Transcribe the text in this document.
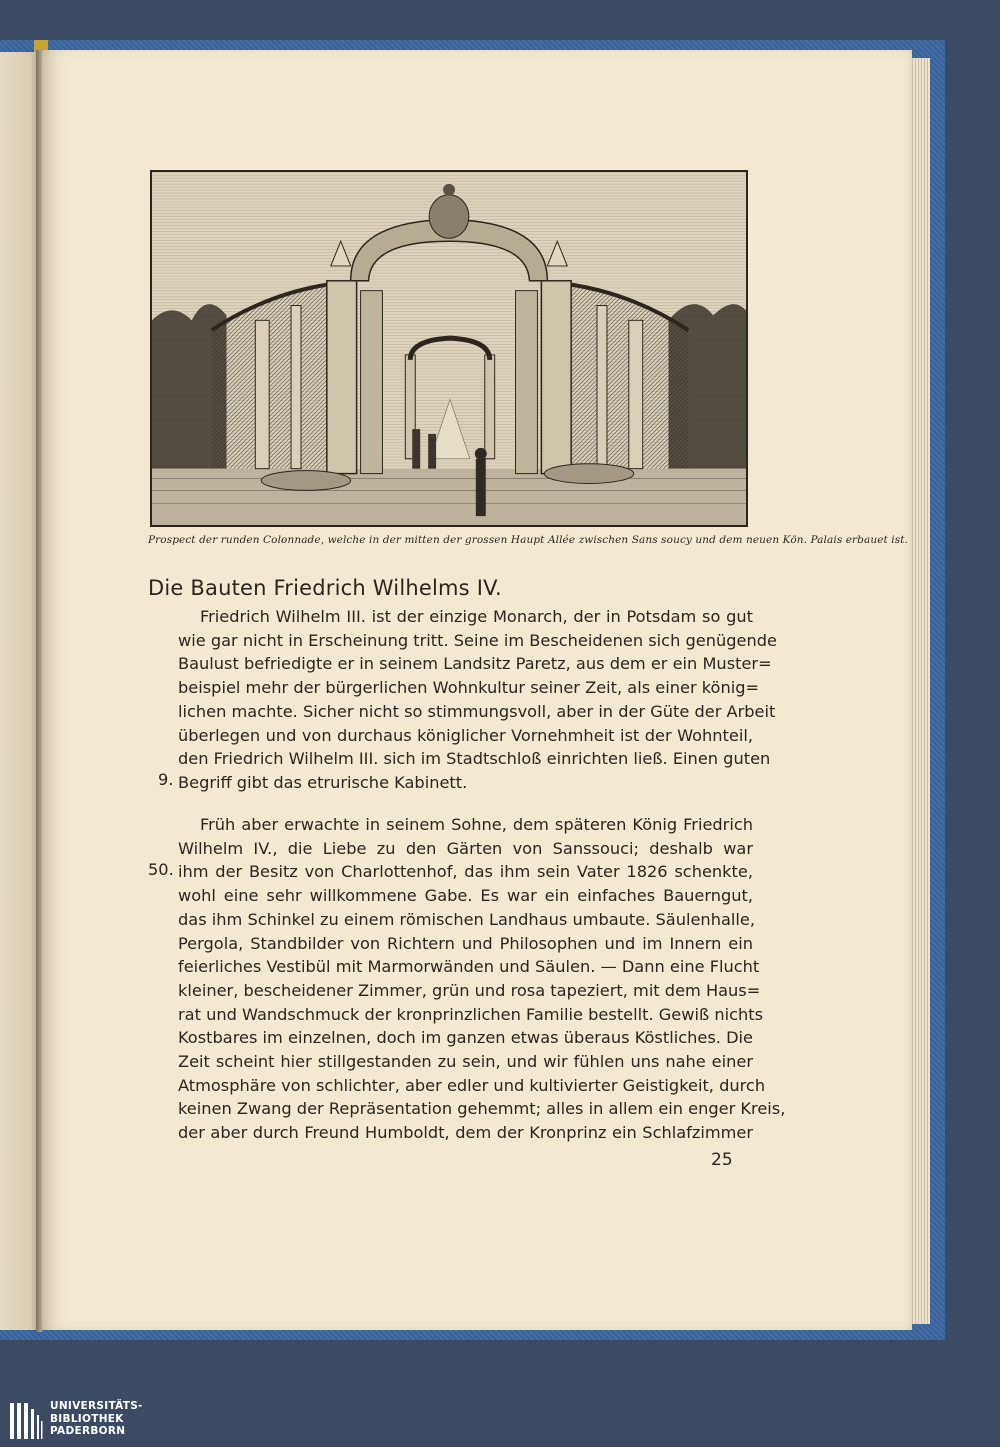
Prospect der runden Colonnade, welche in der mitten der grossen Haupt Allée zwischen Sans soucy und dem neuen Kön. Palais erbauet ist.
Die Bauten Friedrich Wilhelms IV.

Friedrich Wilhelm III. ist der einzige Monarch, der in Potsdam so gut
wie gar nicht in Erscheinung tritt. Seine im Bescheidenen sich genügende
Baulust befriedigte er in seinem Landsitz Paretz, aus dem er ein Muster=
beispiel mehr der bürgerlichen Wohnkultur seiner Zeit, als einer könig=
lichen machte. Sicher nicht so stimmungsvoll, aber in der Güte der Arbeit
überlegen und von durchaus königlicher Vornehmheit ist der Wohnteil,
den Friedrich Wilhelm III. sich im Stadtschloß einrichten ließ. Einen guten
Begriff gibt das etrurische Kabinett.

9.

Früh aber erwachte in seinem Sohne, dem späteren König Friedrich
Wilhelm IV., die Liebe zu den Gärten von Sanssouci; deshalb war
ihm der Besitz von Charlottenhof, das ihm sein Vater 1826 schenkte,
wohl eine sehr willkommene Gabe. Es war ein einfaches Bauerngut,
das ihm Schinkel zu einem römischen Landhaus umbaute. Säulenhalle,
Pergola, Standbilder von Richtern und Philosophen und im Innern ein
feierliches Vestibül mit Marmorwänden und Säulen. — Dann eine Flucht
kleiner, bescheidener Zimmer, grün und rosa tapeziert, mit dem Haus=
rat und Wandschmuck der kronprinzlichen Familie bestellt. Gewiß nichts
Kostbares im einzelnen, doch im ganzen etwas überaus Köstliches. Die
Zeit scheint hier stillgestanden zu sein, und wir fühlen uns nahe einer
Atmosphäre von schlichter, aber edler und kultivierter Geistigkeit, durch
keinen Zwang der Repräsentation gehemmt; alles in allem ein enger Kreis,
der aber durch Freund Humboldt, dem der Kronprinz ein Schlafzimmer

50.
25
UNIVERSITÄTS-
BIBLIOTHEK
PADERBORN
